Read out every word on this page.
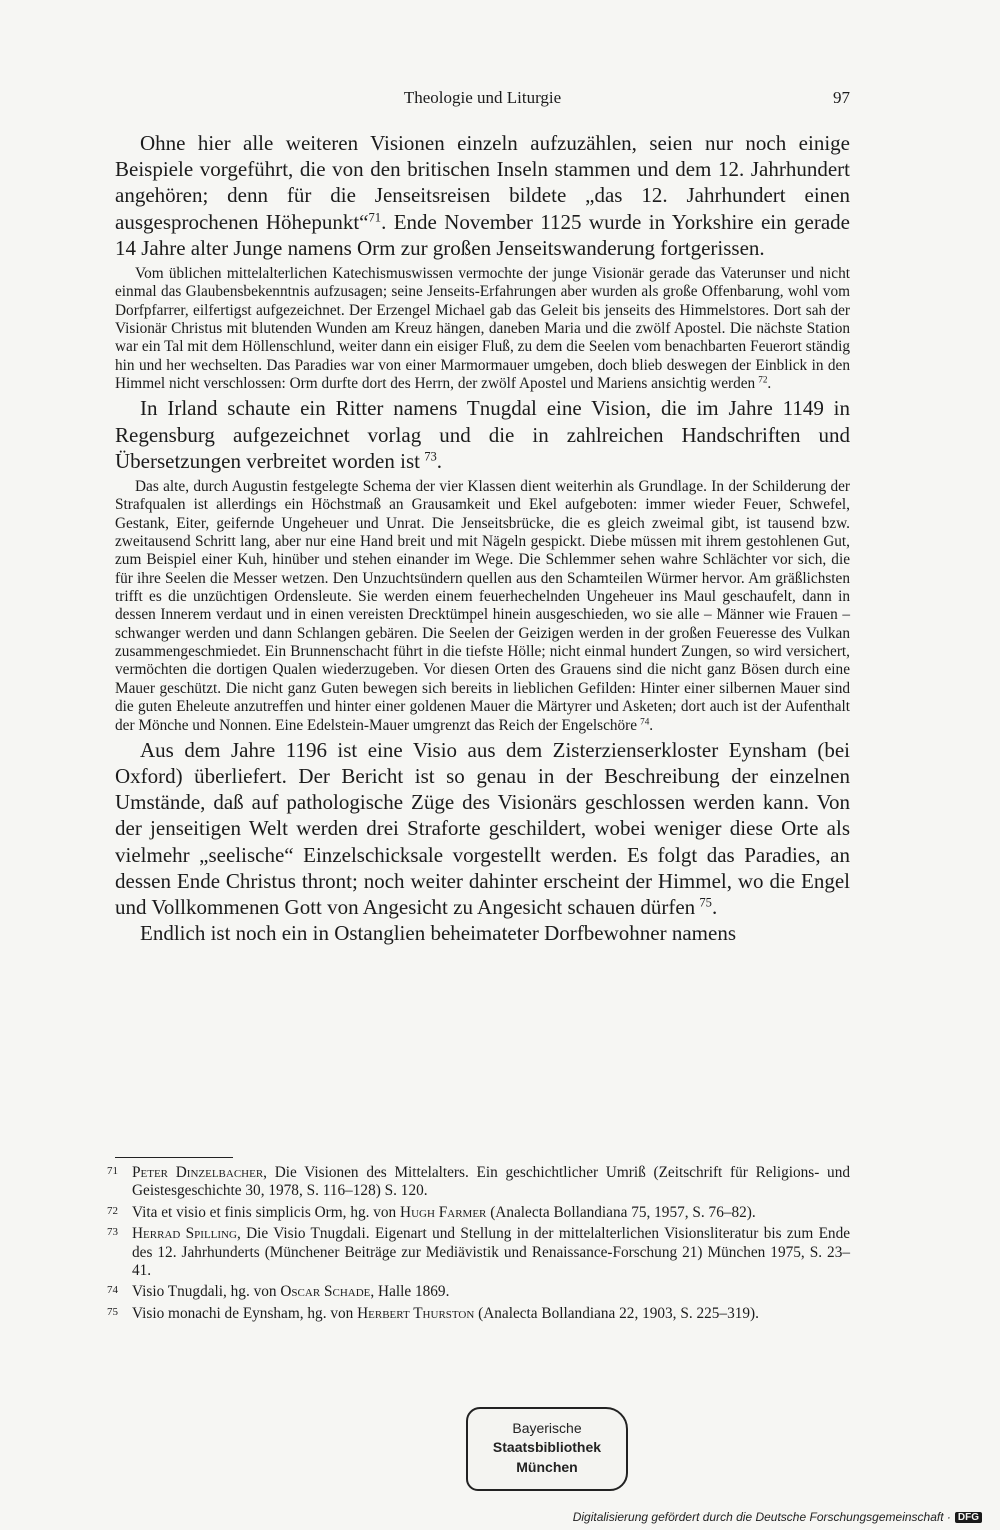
Theologie und Liturgie	97

Ohne hier alle weiteren Visionen einzeln aufzuzählen, seien nur noch einige Beispiele vorgeführt, die von den britischen Inseln stammen und dem 12. Jahrhundert angehören; denn für die Jenseitsreisen bildete „das 12. Jahrhundert einen ausgesprochenen Höhepunkt“$^{71}$. Ende November 1125 wurde in Yorkshire ein gerade 14 Jahre alter Junge namens Orm zur großen Jenseitswanderung fortgerissen.

Vom üblichen mittelalterlichen Katechismuswissen vermochte der junge Visionär gerade das Vaterunser und nicht einmal das Glaubensbekenntnis aufzusagen; seine Jenseits-Erfahrungen aber wurden als große Offenbarung, wohl vom Dorfpfarrer, eilfertigst aufgezeichnet. Der Erzengel Michael gab das Geleit bis jenseits des Himmelstores. Dort sah der Visionär Christus mit blutenden Wunden am Kreuz hängen, daneben Maria und die zwölf Apostel. Die nächste Station war ein Tal mit dem Höllenschlund, weiter dann ein eisiger Fluß, zu dem die Seelen vom benachbarten Feuerort ständig hin und her wechselten. Das Paradies war von einer Marmormauer umgeben, doch blieb deswegen der Einblick in den Himmel nicht verschlossen: Orm durfte dort des Herrn, der zwölf Apostel und Mariens ansichtig werden  $^{72}$.

In Irland schaute ein Ritter namens Tnugdal eine Vision, die im Jahre 1149 in Regensburg aufgezeichnet vorlag und die in zahlreichen Handschriften und Übersetzungen verbreitet worden ist  $^{73}$.

Das alte, durch Augustin festgelegte Schema der vier Klassen dient weiterhin als Grundlage. In der Schilderung der Strafqualen ist allerdings ein Höchstmaß an Grausamkeit und Ekel aufgeboten: immer wieder Feuer, Schwefel, Gestank, Eiter, geifernde Ungeheuer und Unrat. Die Jenseitsbrücke, die es gleich zweimal gibt, ist tausend bzw. zweitausend Schritt lang, aber nur eine Hand breit und mit Nägeln gespickt. Diebe müssen mit ihrem gestohlenen Gut, zum Beispiel einer Kuh, hinüber und stehen einander im Wege. Die Schlemmer sehen wahre Schlächter vor sich, die für ihre Seelen die Messer wetzen. Den Unzuchtsündern quellen aus den Schamteilen Würmer hervor. Am gräßlichsten trifft es die unzüchtigen Ordensleute. Sie werden einem feuerhechelnden Ungeheuer ins Maul geschaufelt, dann in dessen Innerem verdaut und in einen vereisten Drecktümpel hinein ausgeschieden, wo sie alle – Männer wie Frauen – schwanger werden und dann Schlangen gebären. Die Seelen der Geizigen werden in der großen Feueresse des Vulkan zusammengeschmiedet. Ein Brunnenschacht führt in die tiefste Hölle; nicht einmal hundert Zungen, so wird versichert, vermöchten die dortigen Qualen wiederzugeben. Vor diesen Orten des Grauens sind die nicht ganz Bösen durch eine Mauer geschützt. Die nicht ganz Guten bewegen sich bereits in lieblichen Gefilden: Hinter einer silbernen Mauer sind die guten Eheleute anzutreffen und hinter einer goldenen Mauer die Märtyrer und Asketen; dort auch ist der Aufenthalt der Mönche und Nonnen. Eine Edelstein-Mauer umgrenzt das Reich der Engelschöre  $^{74}$.

Aus dem Jahre 1196 ist eine Visio aus dem Zisterzienserkloster Eynsham (bei Oxford) überliefert. Der Bericht ist so genau in der Beschreibung der einzelnen Umstände, daß auf pathologische Züge des Visionärs geschlossen werden kann. Von der jenseitigen Welt werden drei Straforte geschildert, wobei weniger diese Orte als vielmehr „seelische“ Einzelschicksale vorgestellt werden. Es folgt das Paradies, an dessen Ende Christus thront; noch weiter dahinter erscheint der Himmel, wo die Engel und Vollkommenen Gott von Angesicht zu Angesicht schauen dürfen  $^{75}$.

Endlich ist noch ein in Ostanglien beheimateter Dorfbewohner namens

71 Peter Dinzelbacher, Die Visionen des Mittelalters. Ein geschichtlicher Umriß (Zeitschrift für Religions- und Geistesgeschichte 30, 1978, S. 116–128) S. 120.
72 Vita et visio et finis simplicis Orm, hg. von Hugh Farmer (Analecta Bollandiana 75, 1957, S. 76–82).
73 Herrad Spilling, Die Visio Tnugdali. Eigenart und Stellung in der mittelalterlichen Visionsliteratur bis zum Ende des 12. Jahrhunderts (Münchener Beiträge zur Mediävistik und Renaissance-Forschung 21) München 1975, S. 23–41.
74 Visio Tnugdali, hg. von Oscar Schade, Halle 1869.
75 Visio monachi de Eynsham, hg. von Herbert Thurston (Analecta Bollandiana 22, 1903, S. 225–319).
Bayerische
Staatsbibliothek
München
Digitalisierung gefördert durch die Deutsche Forschungsgemeinschaft · DFG
